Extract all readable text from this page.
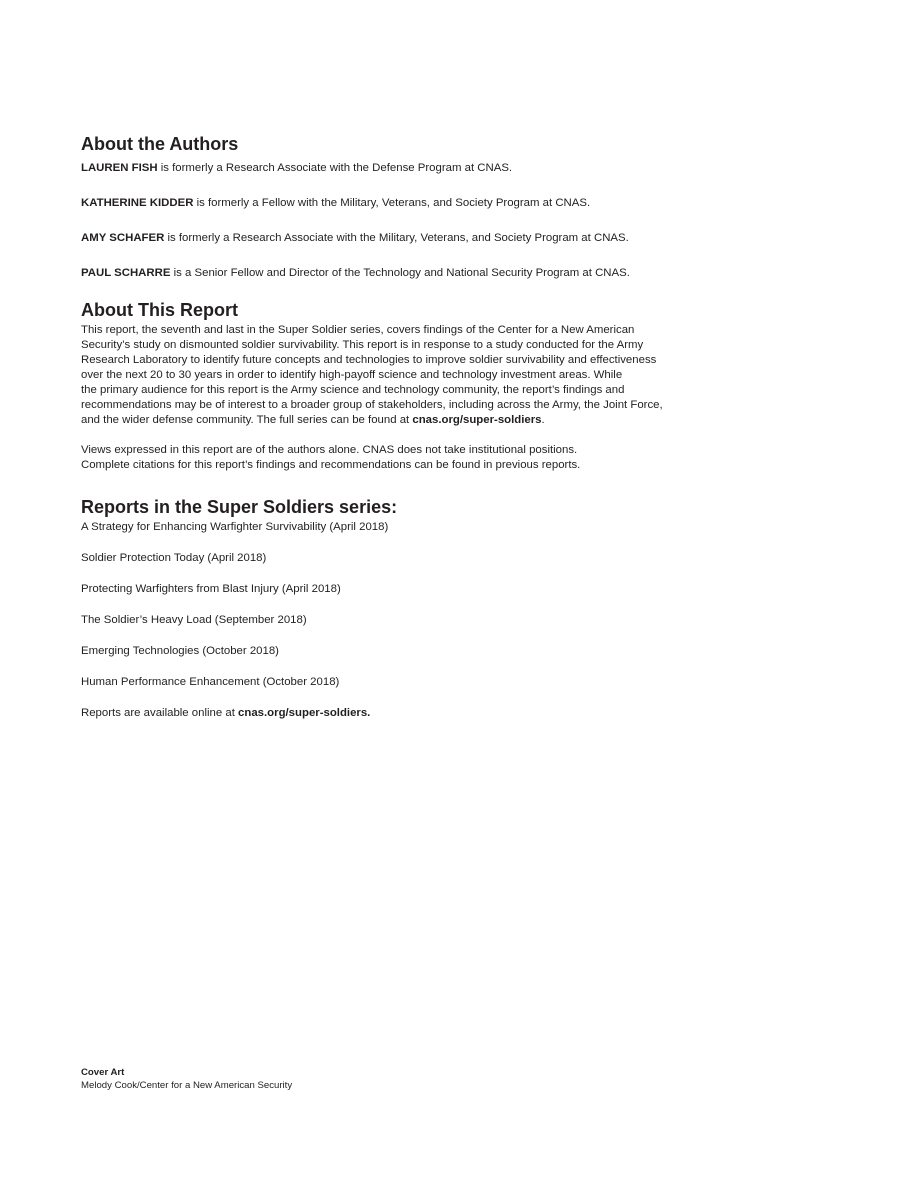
About the Authors

LAUREN FISH is formerly a Research Associate with the Defense Program at CNAS.

KATHERINE KIDDER is formerly a Fellow with the Military, Veterans, and Society Program at CNAS.

AMY SCHAFER is formerly a Research Associate with the Military, Veterans, and Society Program at CNAS.

PAUL SCHARRE is a Senior Fellow and Director of the Technology and National Security Program at CNAS.

About This Report

This report, the seventh and last in the Super Soldier series, covers findings of the Center for a New American
Security’s study on dismounted soldier survivability. This report is in response to a study conducted for the Army
Research Laboratory to identify future concepts and technologies to improve soldier survivability and effectiveness
over the next 20 to 30 years in order to identify high-payoff science and technology investment areas. While
the primary audience for this report is the Army science and technology community, the report’s findings and
recommendations may be of interest to a broader group of stakeholders, including across the Army, the Joint Force,
and the wider defense community. The full series can be found at cnas.org/super-soldiers.

Views expressed in this report are of the authors alone. CNAS does not take institutional positions.
Complete citations for this report’s findings and recommendations can be found in previous reports.

Reports in the Super Soldiers series:

A Strategy for Enhancing Warfighter Survivability (April 2018)

Soldier Protection Today (April 2018)

Protecting Warfighters from Blast Injury (April 2018)

The Soldier’s Heavy Load (September 2018)

Emerging Technologies (October 2018)

Human Performance Enhancement (October 2018)

Reports are available online at cnas.org/super-soldiers.

Cover Art

Melody Cook/Center for a New American Security
